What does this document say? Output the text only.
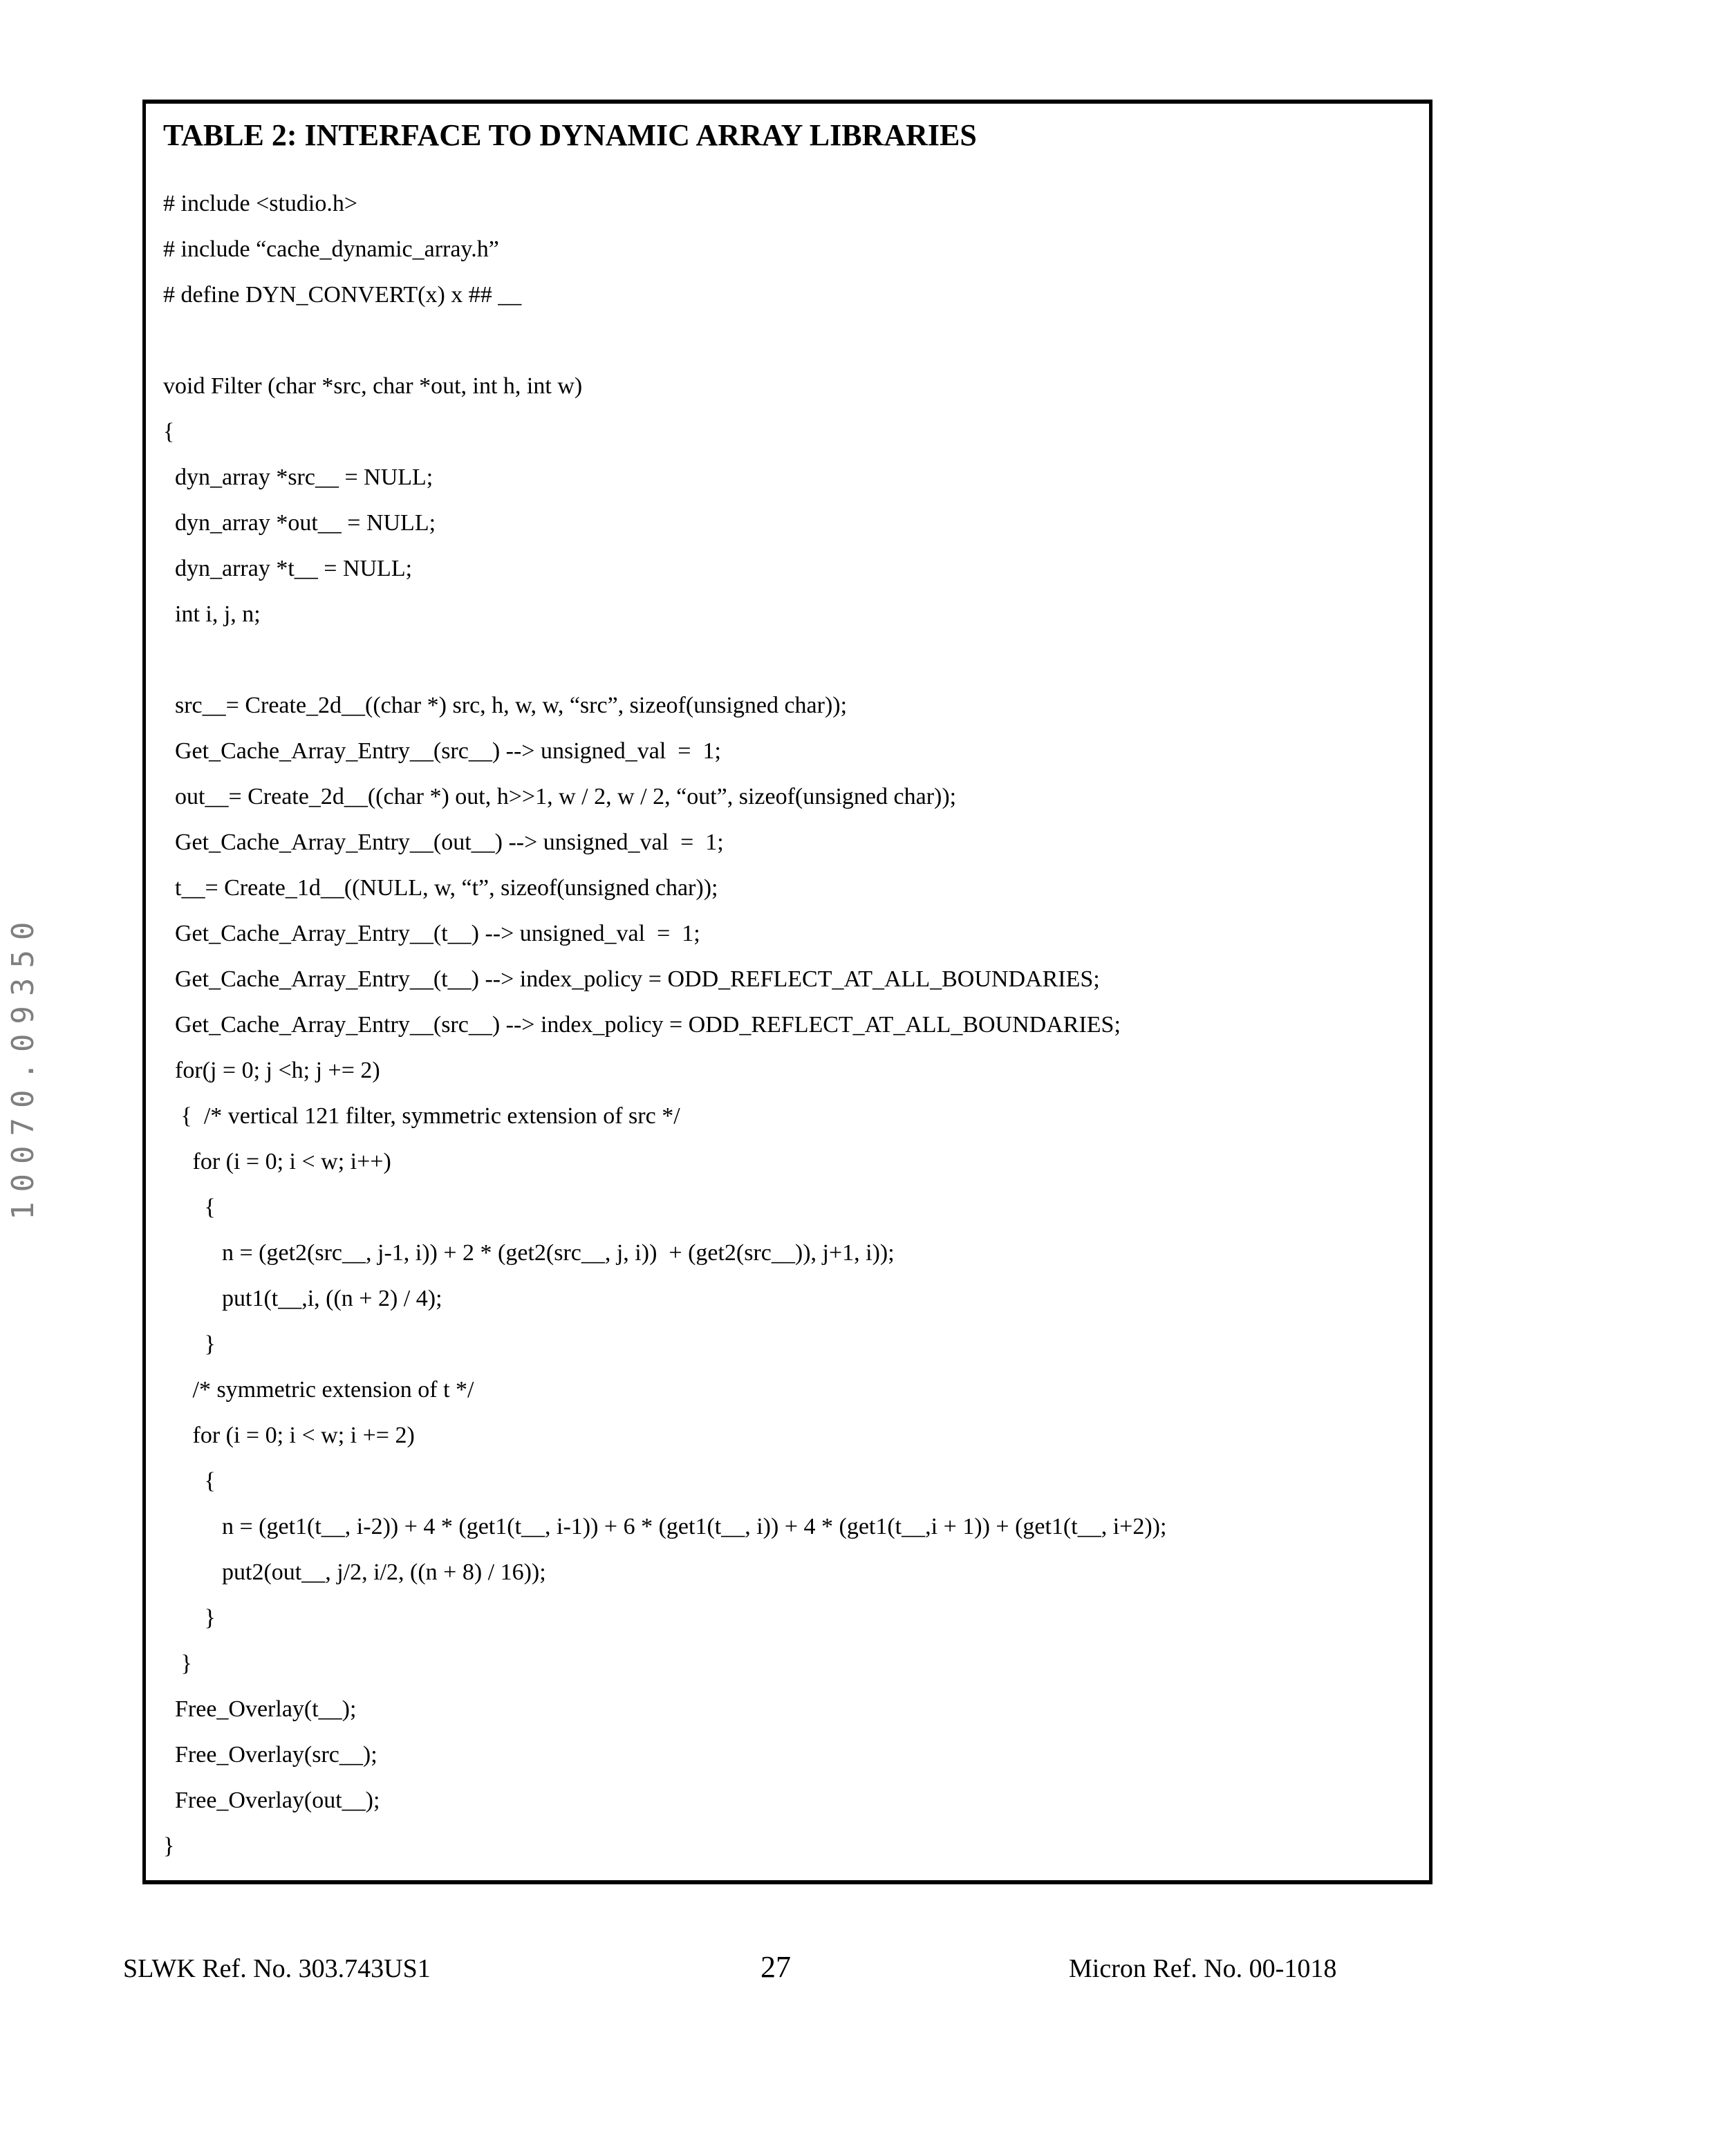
10070.09350
TABLE 2: INTERFACE TO DYNAMIC ARRAY LIBRARIES
# include <studio.h>
# include “cache_dynamic_array.h”
# define DYN_CONVERT(x) x ## __
void Filter (char *src, char *out, int h, int w)
{
dyn_array *src__ = NULL;
dyn_array *out__ = NULL;
dyn_array *t__ = NULL;
int i, j, n;
src__= Create_2d__((char *) src, h, w, w, “src”, sizeof(unsigned char));
Get_Cache_Array_Entry__(src__) --> unsigned_val  =  1;
out__= Create_2d__((char *) out, h>>1, w / 2, w / 2, “out”, sizeof(unsigned char));
Get_Cache_Array_Entry__(out__) --> unsigned_val  =  1;
t__= Create_1d__((NULL, w, “t”, sizeof(unsigned char));
Get_Cache_Array_Entry__(t__) --> unsigned_val  =  1;
Get_Cache_Array_Entry__(t__) --> index_policy = ODD_REFLECT_AT_ALL_BOUNDARIES;
Get_Cache_Array_Entry__(src__) --> index_policy = ODD_REFLECT_AT_ALL_BOUNDARIES;
for(j = 0; j <h; j += 2)
{  /* vertical 121 filter, symmetric extension of src */
for (i = 0; i < w; i++)
{
n = (get2(src__, j-1, i)) + 2 * (get2(src__, j, i))  + (get2(src__)), j+1, i));
put1(t__,i, ((n + 2) / 4);
}
/* symmetric extension of t */
for (i = 0; i < w; i += 2)
{
n = (get1(t__, i-2)) + 4 * (get1(t__, i-1)) + 6 * (get1(t__, i)) + 4 * (get1(t__,i + 1)) + (get1(t__, i+2));
put2(out__, j/2, i/2, ((n + 8) / 16));
}
}
Free_Overlay(t__);
Free_Overlay(src__);
Free_Overlay(out__);
}
SLWK Ref. No. 303.743US1	27	Micron Ref. No. 00-1018
